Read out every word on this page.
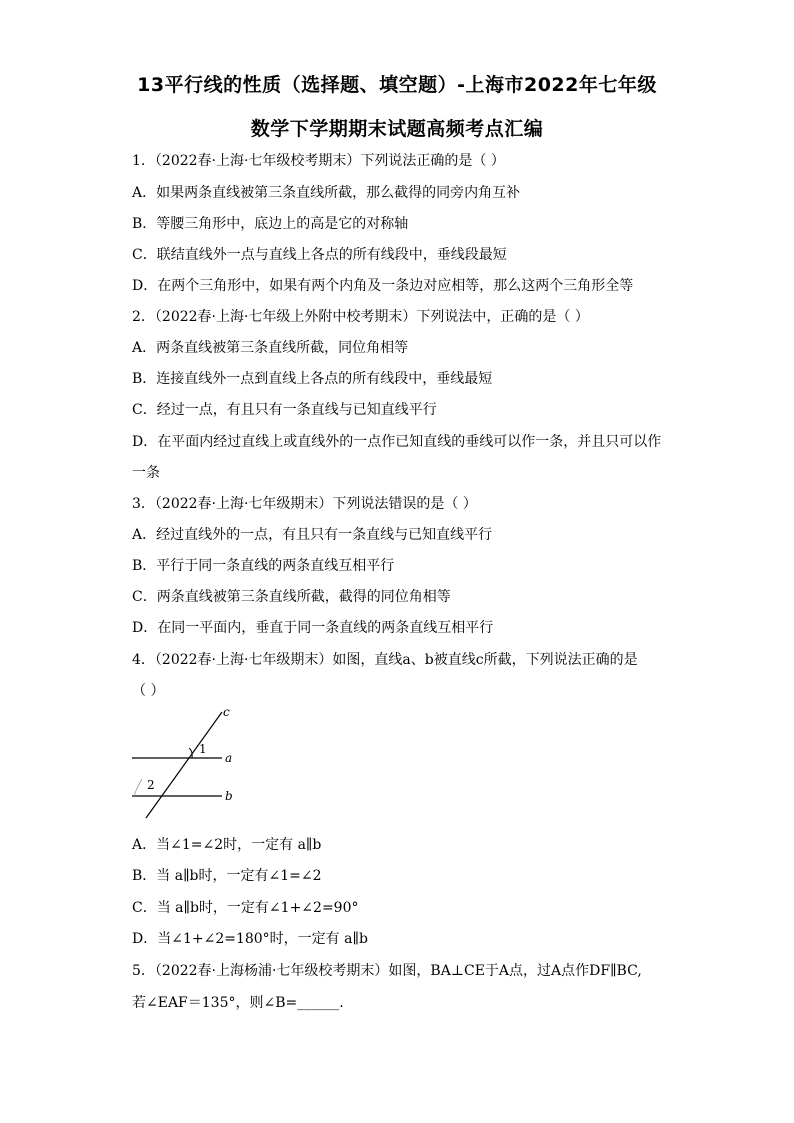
13平行线的性质（选择题、填空题）-上海市2022年七年级
数学下学期期末试题高频考点汇编
1．（2022春·上海·七年级校考期末）下列说法正确的是（ ）
A．如果两条直线被第三条直线所截，那么截得的同旁内角互补
B．等腰三角形中，底边上的高是它的对称轴
C．联结直线外一点与直线上各点的所有线段中，垂线段最短
D．在两个三角形中，如果有两个内角及一条边对应相等，那么这两个三角形全等
2．（2022春·上海·七年级上外附中校考期末）下列说法中，正确的是（ ）
A．两条直线被第三条直线所截，同位角相等
B．连接直线外一点到直线上各点的所有线段中，垂线最短
C．经过一点，有且只有一条直线与已知直线平行
D．在平面内经过直线上或直线外的一点作已知直线的垂线可以作一条，并且只可以作
一条
3．（2022春·上海·七年级期末）下列说法错误的是（ ）
A．经过直线外的一点，有且只有一条直线与已知直线平行
B．平行于同一条直线的两条直线互相平行
C．两条直线被第三条直线所截，截得的同位角相等
D．在同一平面内，垂直于同一条直线的两条直线互相平行
4．（2022春·上海·七年级期末）如图，直线a、b被直线c所截，下列说法正确的是
（ ）
c
a
b
1
2
A．当∠1=∠2时，一定有 a∥b
B．当 a∥b时，一定有∠1=∠2
C．当 a∥b时，一定有∠1+∠2=90°
D．当∠1+∠2=180°时，一定有 a∥b
5．（2022春·上海杨浦·七年级校考期末）如图，BA⊥CE于A点，过A点作DF∥BC,
若∠EAF＝135°，则∠B=______.
